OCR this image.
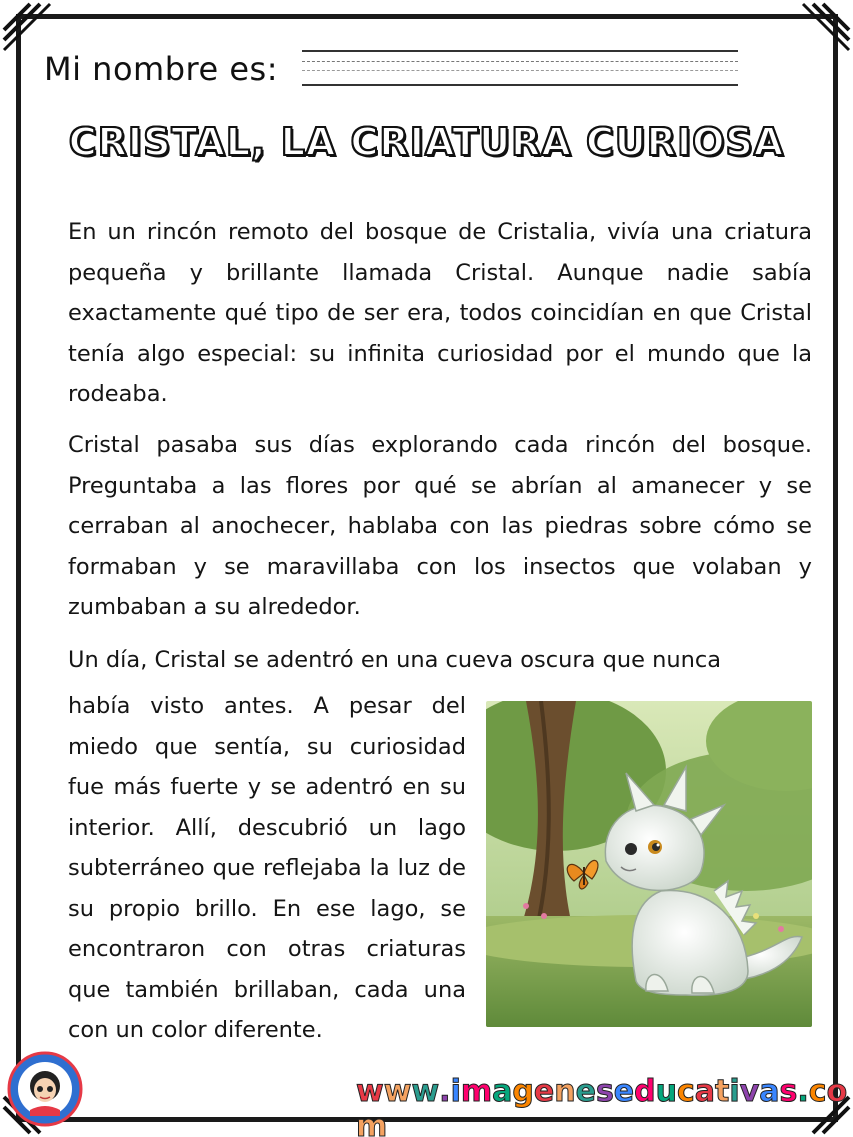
Mi nombre es:
CRISTAL, LA CRIATURA CURIOSA

En un rincón remoto del bosque de Cristalia, vivía una criatura pequeña y brillante llamada Cristal. Aunque nadie sabía exactamente qué tipo de ser era, todos coincidían en que Cristal tenía algo especial: su infinita curiosidad por el mundo que la rodeaba.

Cristal pasaba sus días explorando cada rincón del bosque. Preguntaba a las flores por qué se abrían al amanecer y se cerraban al anochecer, hablaba con las piedras sobre cómo se formaban y se maravillaba con los insectos que volaban y zumbaban a su alrededor.

Un día, Cristal se adentró en una cueva oscura que nunca

había visto antes. A pesar del miedo que sentía, su curiosidad fue más fuerte y se adentró en su interior. Allí, descubrió un lago subterráneo que reflejaba la luz de su propio brillo. En ese lago, se encontraron con otras criaturas que también brillaban, cada una con un color diferente.

www.imageneseducativas.com
